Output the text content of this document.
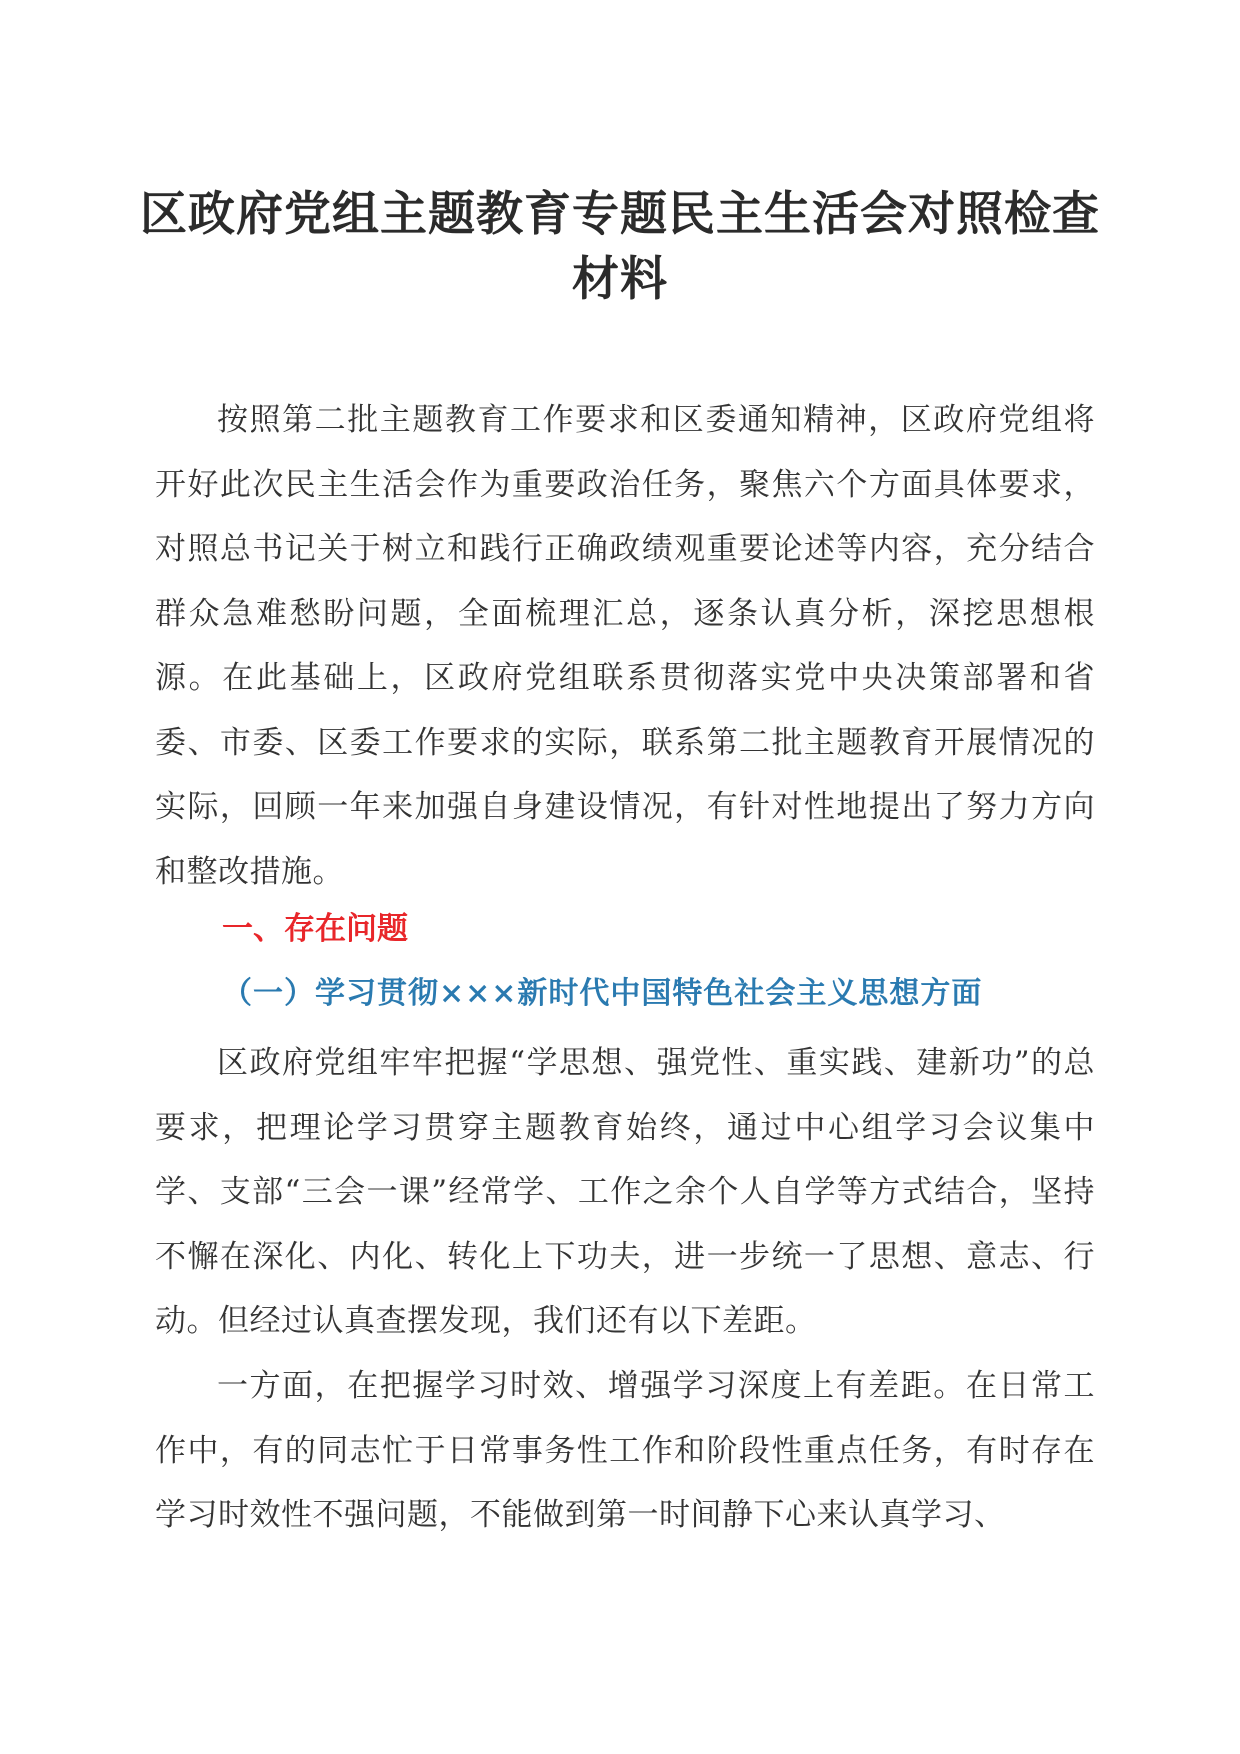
区政府党组主题教育专题民主生活会对照检查材料

按照第二批主题教育工作要求和区委通知精神，区政府党组将开好此次民主生活会作为重要政治任务，聚焦六个方面具体要求，对照总书记关于树立和践行正确政绩观重要论述等内容，充分结合群众急难愁盼问题，全面梳理汇总，逐条认真分析，深挖思想根源。在此基础上，区政府党组联系贯彻落实党中央决策部署和省委、市委、区委工作要求的实际，联系第二批主题教育开展情况的实际，回顾一年来加强自身建设情况，有针对性地提出了努力方向和整改措施。

一、存在问题
（一）学习贯彻×××新时代中国特色社会主义思想方面

区政府党组牢牢把握“学思想、强党性、重实践、建新功”的总要求，把理论学习贯穿主题教育始终，通过中心组学习会议集中学、支部“三会一课”经常学、工作之余个人自学等方式结合，坚持不懈在深化、内化、转化上下功夫，进一步统一了思想、意志、行动。但经过认真查摆发现，我们还有以下差距。

一方面，在把握学习时效、增强学习深度上有差距。在日常工作中，有的同志忙于日常事务性工作和阶段性重点任务，有时存在学习时效性不强问题，不能做到第一时间静下心来认真学习、
